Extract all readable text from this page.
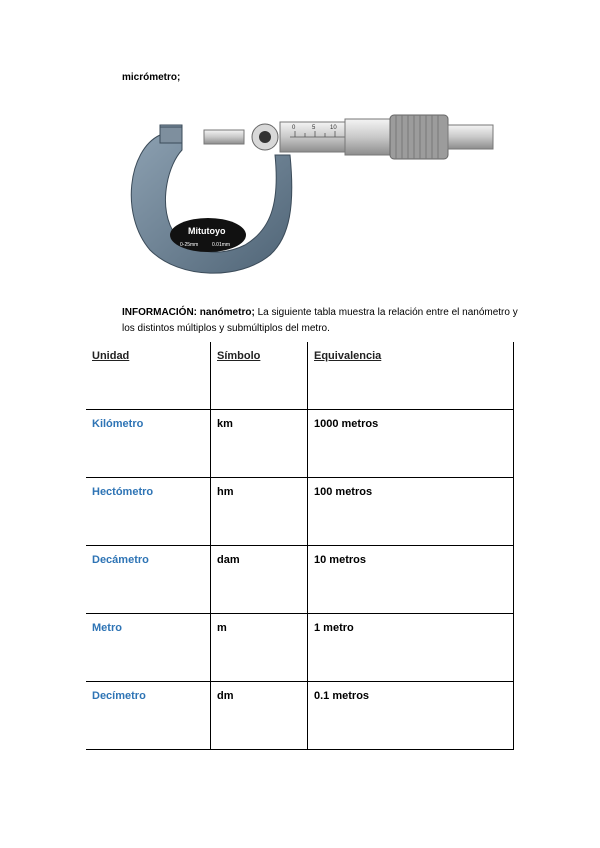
micrómetro;
0	5 10
Mitutoyo
0-25mm	0.01mm
INFORMACIÓN: nanómetro; La siguiente tabla muestra la relación entre el nanómetro y los distintos múltiplos y submúltiplos del metro.
Unidad	Símbolo	Equivalencia
Kilómetro	km	1000 metros
Hectómetro	hm	100 metros
Decámetro	dam	10 metros
Metro	m	1 metro
Decímetro	dm	0.1 metros
